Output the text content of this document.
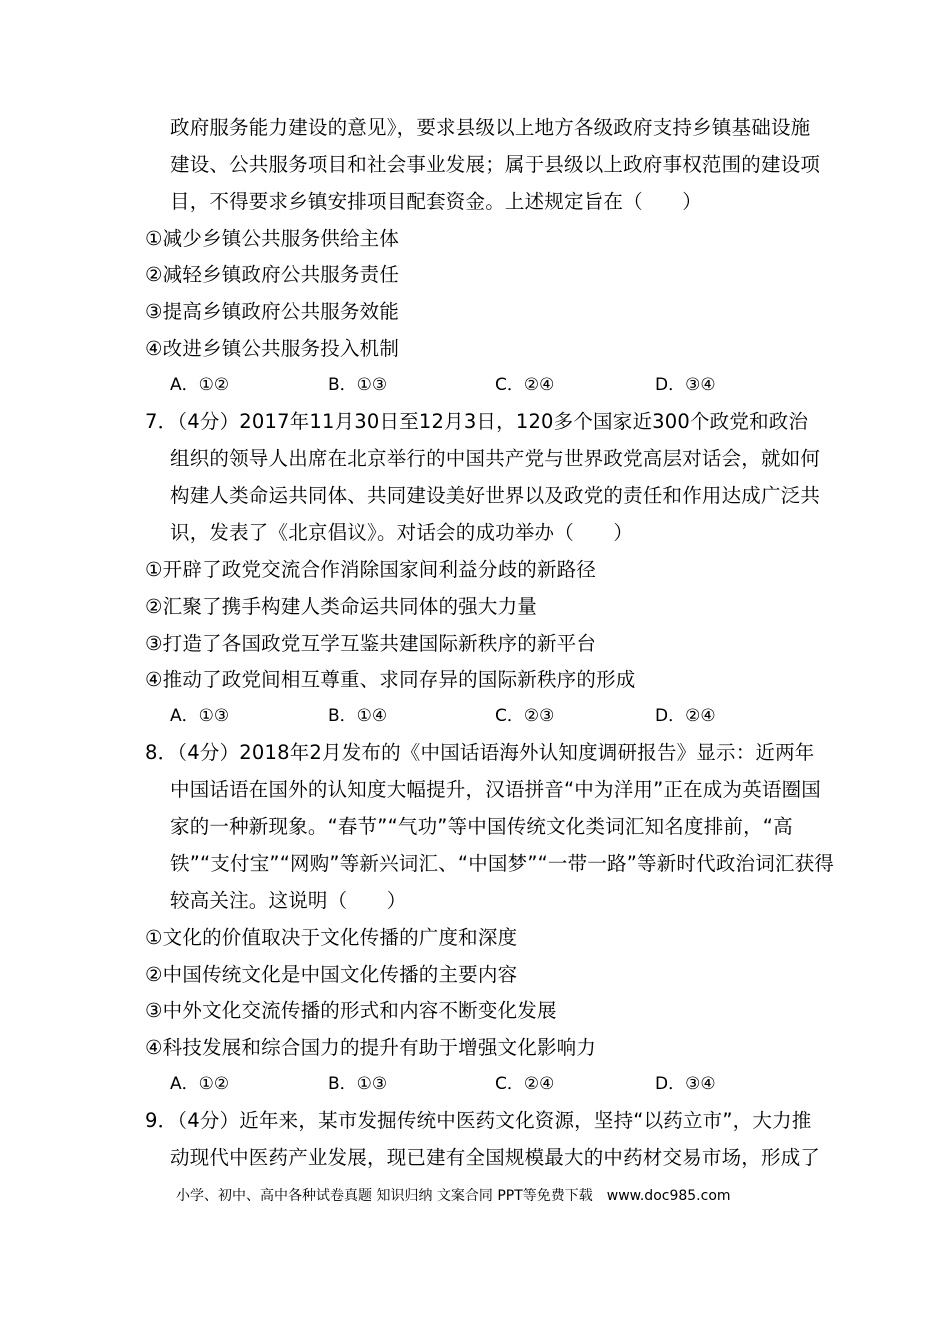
政府服务能力建设的意见》，要求县级以上地方各级政府支持乡镇基础设施
建设、公共服务项目和社会事业发展；属于县级以上政府事权范围的建设项
目，不得要求乡镇安排项目配套资金。上述规定旨在（　　）
①减少乡镇公共服务供给主体
②减轻乡镇政府公共服务责任
③提高乡镇政府公共服务效能
④改进乡镇公共服务投入机制
A．①②	B．①③	C．②④	D．③④
7．（4分）2017年11月30日至12月3日，120多个国家近300个政党和政治
组织的领导人出席在北京举行的中国共产党与世界政党高层对话会，就如何
构建人类命运共同体、共同建设美好世界以及政党的责任和作用达成广泛共
识，发表了《北京倡议》。对话会的成功举办（　　）
①开辟了政党交流合作消除国家间利益分歧的新路径
②汇聚了携手构建人类命运共同体的强大力量
③打造了各国政党互学互鉴共建国际新秩序的新平台
④推动了政党间相互尊重、求同存异的国际新秩序的形成
A．①③	B．①④	C．②③	D．②④
8．（4分）2018年2月发布的《中国话语海外认知度调研报告》显示：近两年
中国话语在国外的认知度大幅提升，汉语拼音“中为洋用”正在成为英语圈国
家的一种新现象。“春节”“气功”等中国传统文化类词汇知名度排前，“高
铁”“支付宝”“网购”等新兴词汇、“中国梦”“一带一路”等新时代政治词汇获得
较高关注。这说明（　　）
①文化的价值取决于文化传播的广度和深度
②中国传统文化是中国文化传播的主要内容
③中外文化交流传播的形式和内容不断变化发展
④科技发展和综合国力的提升有助于增强文化影响力
A．①②	B．①③	C．②④	D．③④
9．（4分）近年来，某市发掘传统中医药文化资源，坚持“以药立市”，大力推
动现代中医药产业发展，现已建有全国规模最大的中药材交易市场，形成了
小学、初中、高中各种试卷真题 知识归纳 文案合同 PPT等免费下载　www.doc985.com
